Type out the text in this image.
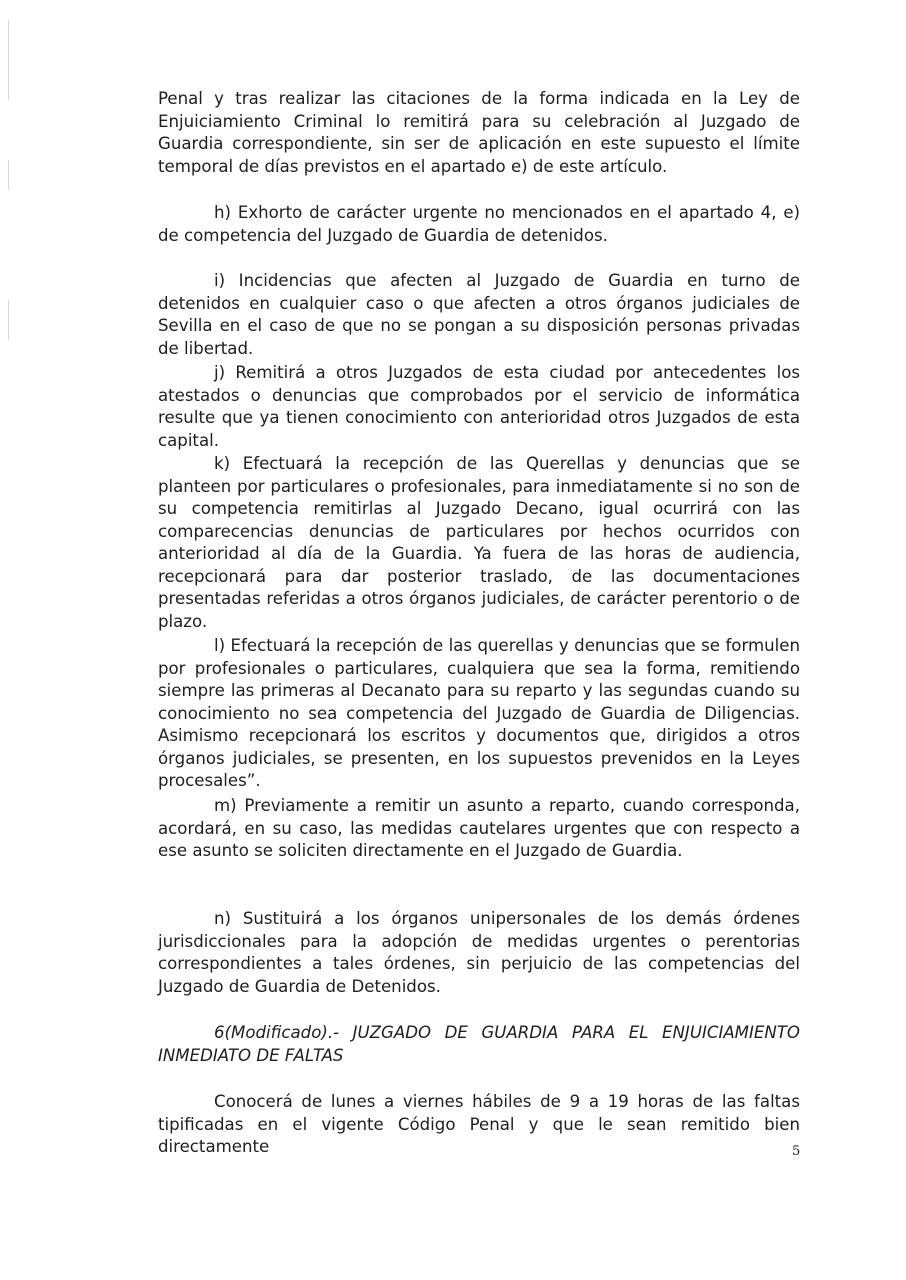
Penal y tras realizar las citaciones de la forma indicada en la Ley de Enjuiciamiento Criminal lo remitirá para su celebración al Juzgado de Guardia correspondiente, sin ser de aplicación en este supuesto el límite temporal de días previstos en el apartado e) de este artículo.

h) Exhorto de carácter urgente no mencionados en el apartado 4, e) de competencia del Juzgado de Guardia de detenidos.

i) Incidencias que afecten al Juzgado de Guardia en turno de detenidos en cualquier caso o que afecten a otros órganos judiciales de Sevilla en el caso de que no se pongan a su disposición personas privadas de libertad.

j) Remitirá a otros Juzgados de esta ciudad por antecedentes los atestados o denuncias que comprobados por el servicio de informática resulte que ya tienen conocimiento con anterioridad otros Juzgados de esta capital.

k) Efectuará la recepción de las Querellas y denuncias que se planteen por particulares o profesionales, para inmediatamente si no son de su competencia remitirlas al Juzgado Decano, igual ocurrirá con las comparecencias denuncias de particulares por hechos ocurridos con anterioridad al día de la Guardia. Ya fuera de las horas de audiencia, recepcionará para dar posterior traslado, de las documentaciones presentadas referidas a otros órganos judiciales, de carácter perentorio o de plazo.

l) Efectuará la recepción de las querellas y denuncias que se formulen por profesionales o particulares, cualquiera que sea la forma, remitiendo siempre las primeras al Decanato para su reparto y las segundas cuando su conocimiento no sea competencia del Juzgado de Guardia de Diligencias. Asimismo recepcionará los escritos y documentos que, dirigidos a otros órganos judiciales, se presenten, en los supuestos prevenidos en la Leyes procesales”.

m) Previamente a remitir un asunto a reparto, cuando corresponda, acordará, en su caso, las medidas cautelares urgentes que con respecto a ese asunto se soliciten directamente en el Juzgado de Guardia.

n) Sustituirá a los órganos unipersonales de los demás órdenes jurisdiccionales para la adopción de medidas urgentes o perentorias correspondientes a tales órdenes, sin perjuicio de las competencias del Juzgado de Guardia de Detenidos.

6(Modificado).- JUZGADO DE GUARDIA PARA EL ENJUICIAMIENTO INMEDIATO DE FALTAS

Conocerá de lunes a viernes hábiles de 9 a 19 horas de las faltas tipificadas en el vigente Código Penal y que le sean remitido bien directamente	5
